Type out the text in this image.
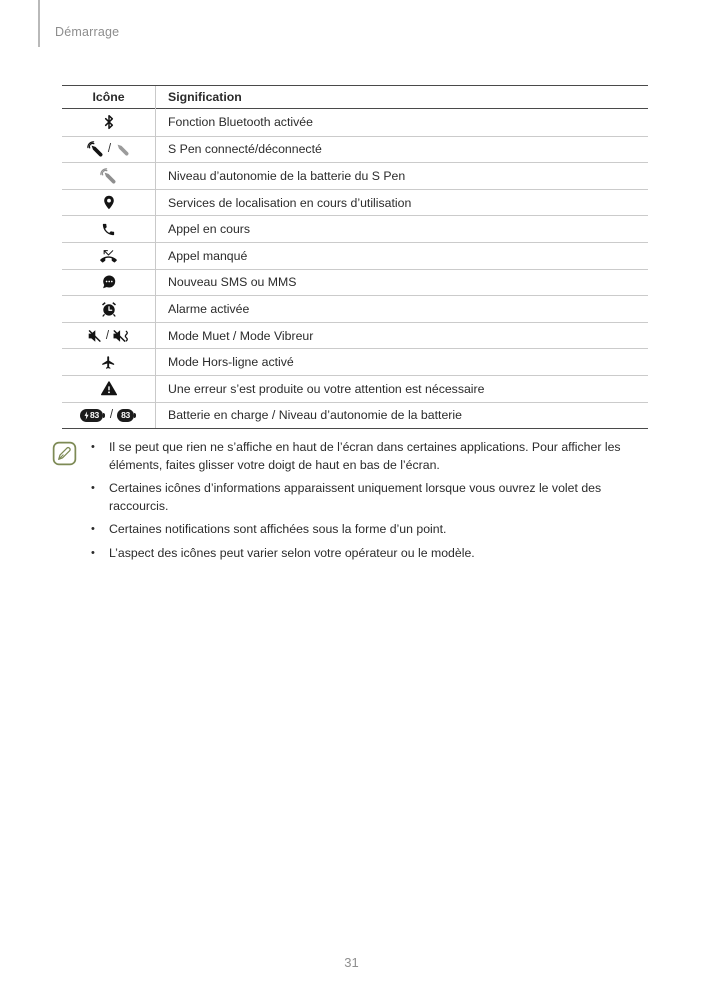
Démarrage
Icône	Signification
Fonction Bluetooth activée
/	S Pen connecté/déconnecté
Niveau d’autonomie de la batterie du S Pen
Services de localisation en cours d’utilisation
Appel en cours
Appel manqué
Nouveau SMS ou MMS
Alarme activée
/	Mode Muet / Mode Vibreur
Mode Hors-ligne activé
Une erreur s’est produite ou votre attention est nécessaire
83 / 83	Batterie en charge / Niveau d’autonomie de la batterie
•	Il se peut que rien ne s’affiche en haut de l’écran dans certaines applications. Pour afficher les éléments, faites glisser votre doigt de haut en bas de l’écran.
•	Certaines icônes d’informations apparaissent uniquement lorsque vous ouvrez le volet des raccourcis.
•	Certaines notifications sont affichées sous la forme d’un point.
•	L’aspect des icônes peut varier selon votre opérateur ou le modèle.
31
